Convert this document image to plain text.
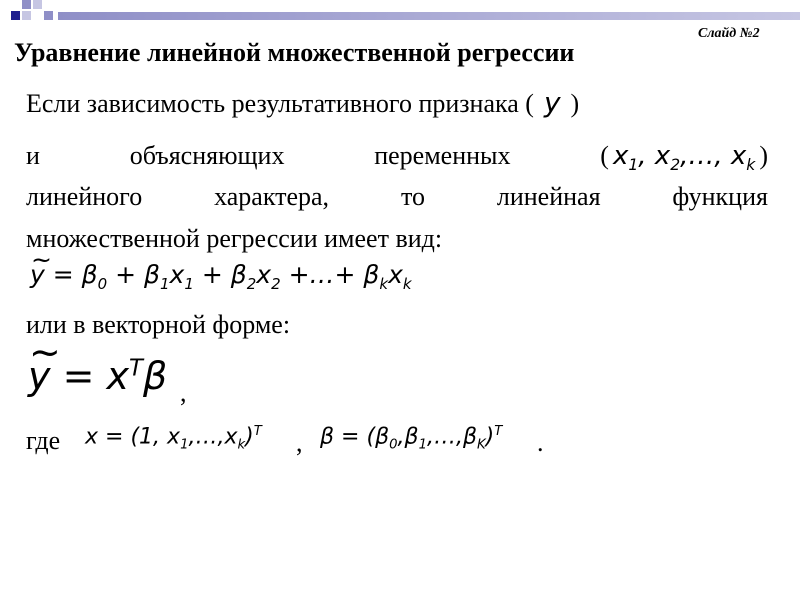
Слайд №2
Уравнение линейной множественной регрессии
Если зависимость результативного признака ( y )
и	объясняющих	переменных	( $x_1$, $x_2,\dots$, $x_k$ )
линейного	характера,	то	линейная	функция
множественной регрессии имеет вид:
~ $y = \beta_0 + \beta_1x_1 + \beta_2x_2$ +…+ $\beta_kx_k$
или в векторной форме:
~ $y = x^T\beta$ ,
где x = (1, $x_1,\dots,x_k)^T$ , $\beta = (\beta_0,\beta_1,\dots,\beta_K)^T$ .
